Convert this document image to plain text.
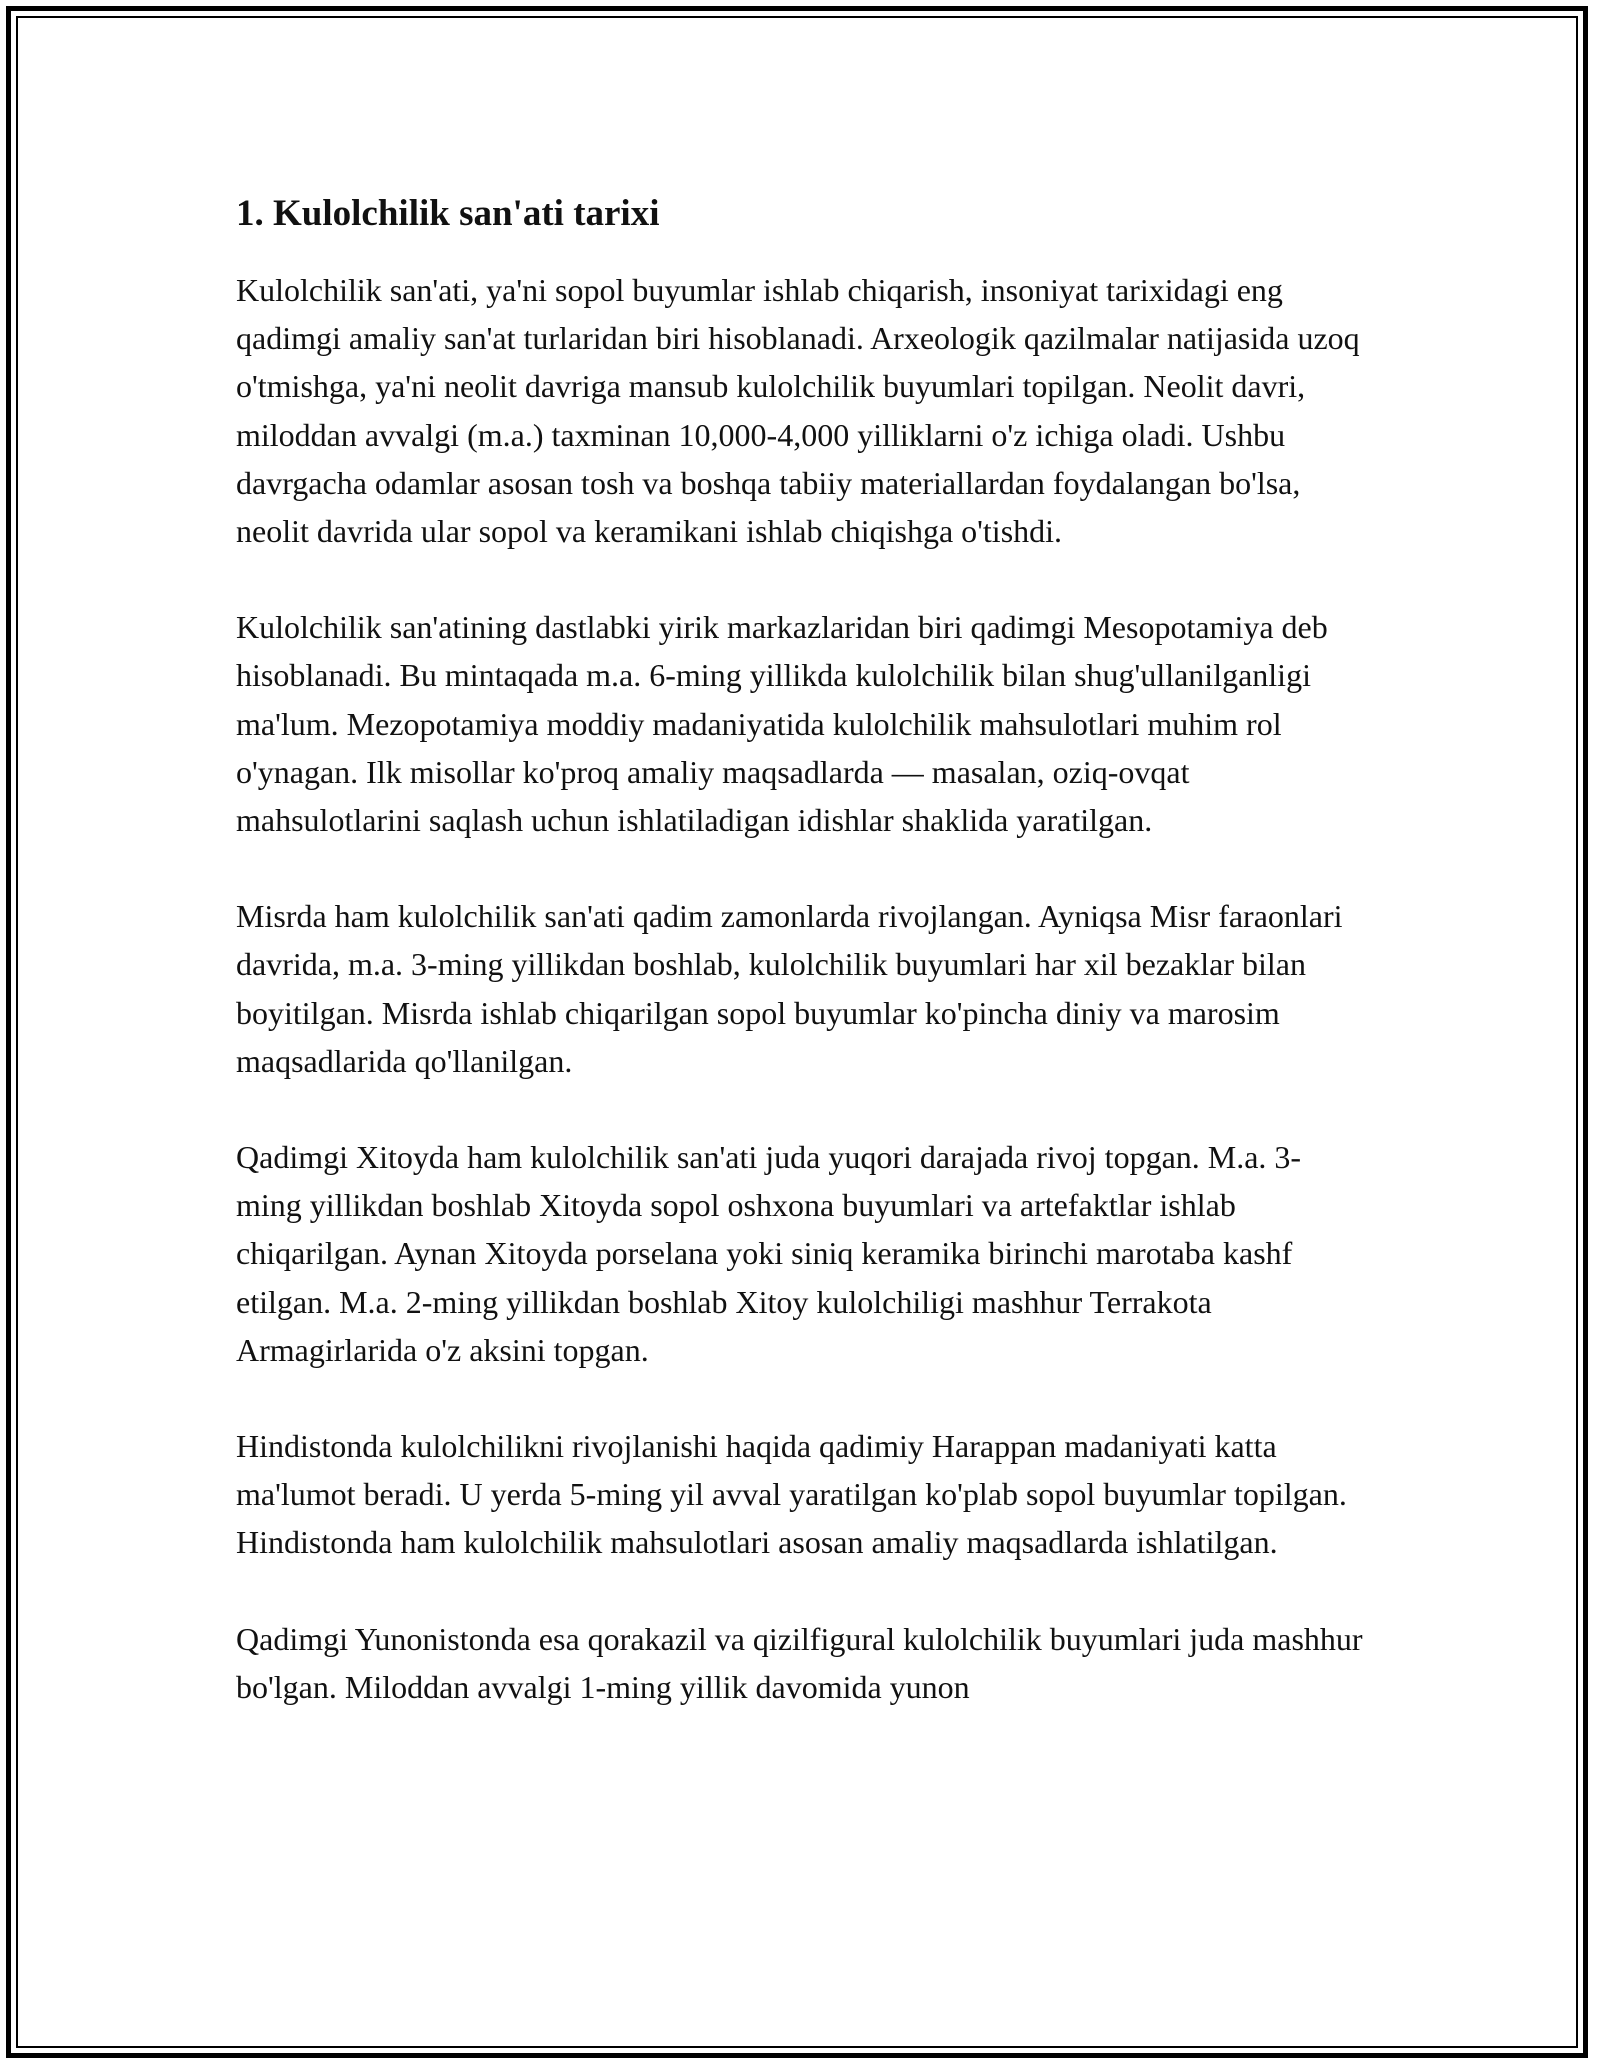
1. Kulolchilik san'ati tarixi

Kulolchilik san'ati, ya'ni sopol buyumlar ishlab chiqarish, insoniyat tarixidagi eng qadimgi amaliy san'at turlaridan biri hisoblanadi. Arxeologik qazilmalar natijasida uzoq o'tmishga, ya'ni neolit davriga mansub kulolchilik buyumlari topilgan. Neolit davri, miloddan avvalgi (m.a.) taxminan 10,000-4,000 yilliklarni o'z ichiga oladi. Ushbu davrgacha odamlar asosan tosh va boshqa tabiiy materiallardan foydalangan bo'lsa, neolit davrida ular sopol va keramikani ishlab chiqishga o'tishdi.

Kulolchilik san'atining dastlabki yirik markazlaridan biri qadimgi Mesopotamiya deb hisoblanadi. Bu mintaqada m.a. 6-ming yillikda kulolchilik bilan shug'ullanilganligi ma'lum. Mezopotamiya moddiy madaniyatida kulolchilik mahsulotlari muhim rol o'ynagan. Ilk misollar ko'proq amaliy maqsadlarda — masalan, oziq-ovqat mahsulotlarini saqlash uchun ishlatiladigan idishlar shaklida yaratilgan.

Misrda ham kulolchilik san'ati qadim zamonlarda rivojlangan. Ayniqsa Misr faraonlari davrida, m.a. 3-ming yillikdan boshlab, kulolchilik buyumlari har xil bezaklar bilan boyitilgan. Misrda ishlab chiqarilgan sopol buyumlar ko'pincha diniy va marosim maqsadlarida qo'llanilgan.

Qadimgi Xitoyda ham kulolchilik san'ati juda yuqori darajada rivoj topgan. M.a. 3-ming yillikdan boshlab Xitoyda sopol oshxona buyumlari va artefaktlar ishlab chiqarilgan. Aynan Xitoyda porselana yoki siniq keramika birinchi marotaba kashf etilgan. M.a. 2-ming yillikdan boshlab Xitoy kulolchiligi mashhur Terrakota Armagirlarida o'z aksini topgan.

Hindistonda kulolchilikni rivojlanishi haqida qadimiy Harappan madaniyati katta ma'lumot beradi. U yerda 5-ming yil avval yaratilgan ko'plab sopol buyumlar topilgan. Hindistonda ham kulolchilik mahsulotlari asosan amaliy maqsadlarda ishlatilgan.

Qadimgi Yunonistonda esa qorakazil va qizilfigural kulolchilik buyumlari juda mashhur bo'lgan. Miloddan avvalgi 1-ming yillik davomida yunon
